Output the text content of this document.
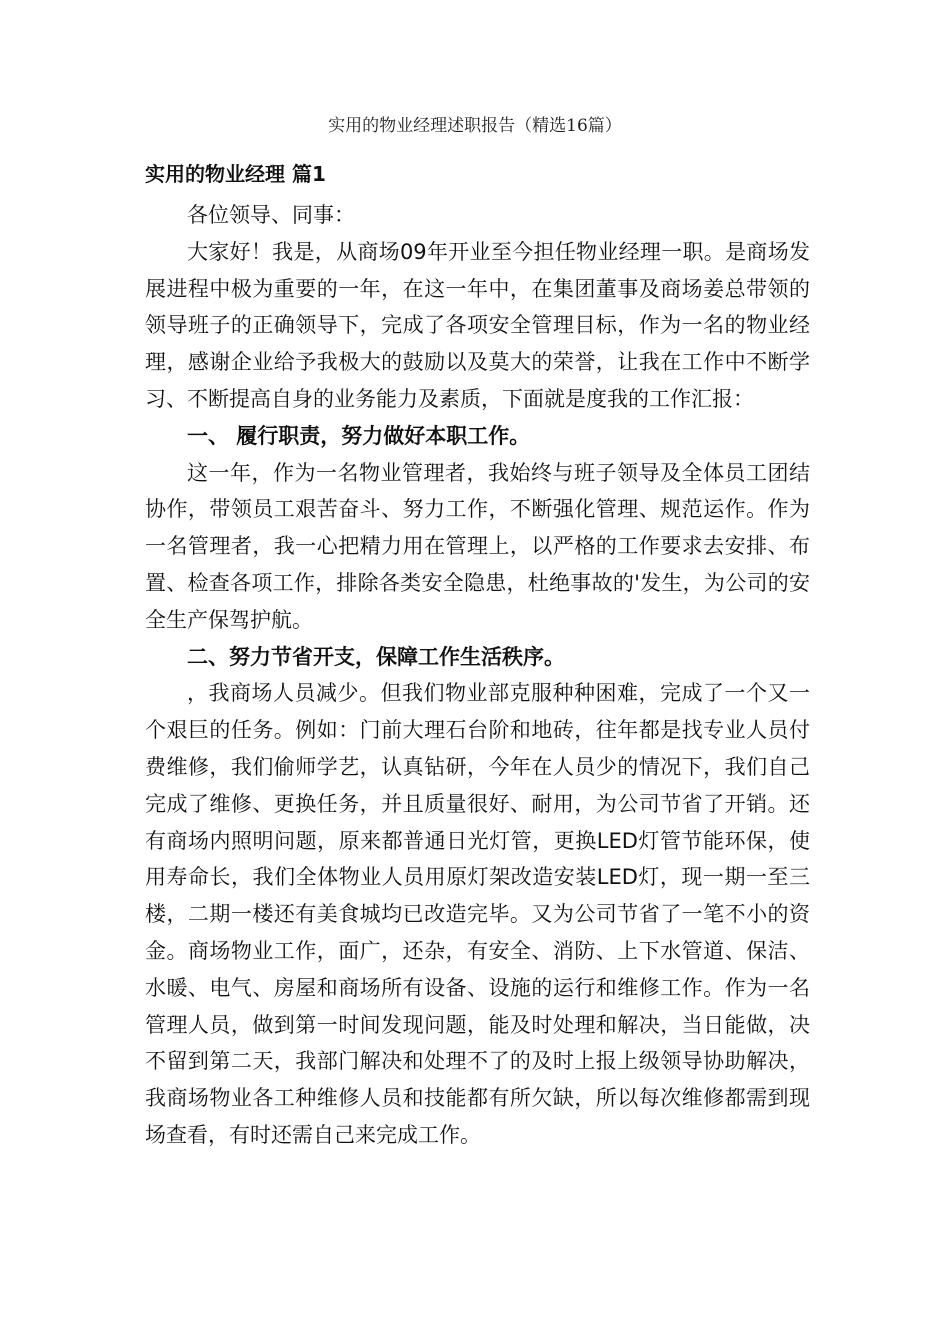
实用的物业经理述职报告（精选16篇）
实用的物业经理 篇1

各位领导、同事：

大家好！我是，从商场09年开业至今担任物业经理一职。是商场发展进程中极为重要的一年，在这一年中，在集团董事及商场姜总带领的领导班子的正确领导下，完成了各项安全管理目标，作为一名的物业经理，感谢企业给予我极大的鼓励以及莫大的荣誉，让我在工作中不断学习、不断提高自身的业务能力及素质，下面就是度我的工作汇报：

一、 履行职责，努力做好本职工作。

这一年，作为一名物业管理者，我始终与班子领导及全体员工团结协作，带领员工艰苦奋斗、努力工作，不断强化管理、规范运作。作为一名管理者，我一心把精力用在管理上，以严格的工作要求去安排、布置、检查各项工作，排除各类安全隐患，杜绝事故的'发生，为公司的安全生产保驾护航。

二、努力节省开支，保障工作生活秩序。

，我商场人员减少。但我们物业部克服种种困难，完成了一个又一个艰巨的任务。例如：门前大理石台阶和地砖，往年都是找专业人员付费维修，我们偷师学艺，认真钻研，今年在人员少的情况下，我们自己完成了维修、更换任务，并且质量很好、耐用，为公司节省了开销。还有商场内照明问题，原来都普通日光灯管，更换LED灯管节能环保，使用寿命长，我们全体物业人员用原灯架改造安装LED灯，现一期一至三楼，二期一楼还有美食城均已改造完毕。又为公司节省了一笔不小的资金。商场物业工作，面广，还杂，有安全、消防、上下水管道、保洁、水暖、电气、房屋和商场所有设备、设施的运行和维修工作。作为一名管理人员，做到第一时间发现问题，能及时处理和解决，当日能做，决不留到第二天，我部门解决和处理不了的及时上报上级领导协助解决，我商场物业各工种维修人员和技能都有所欠缺，所以每次维修都需到现场查看，有时还需自己来完成工作。
